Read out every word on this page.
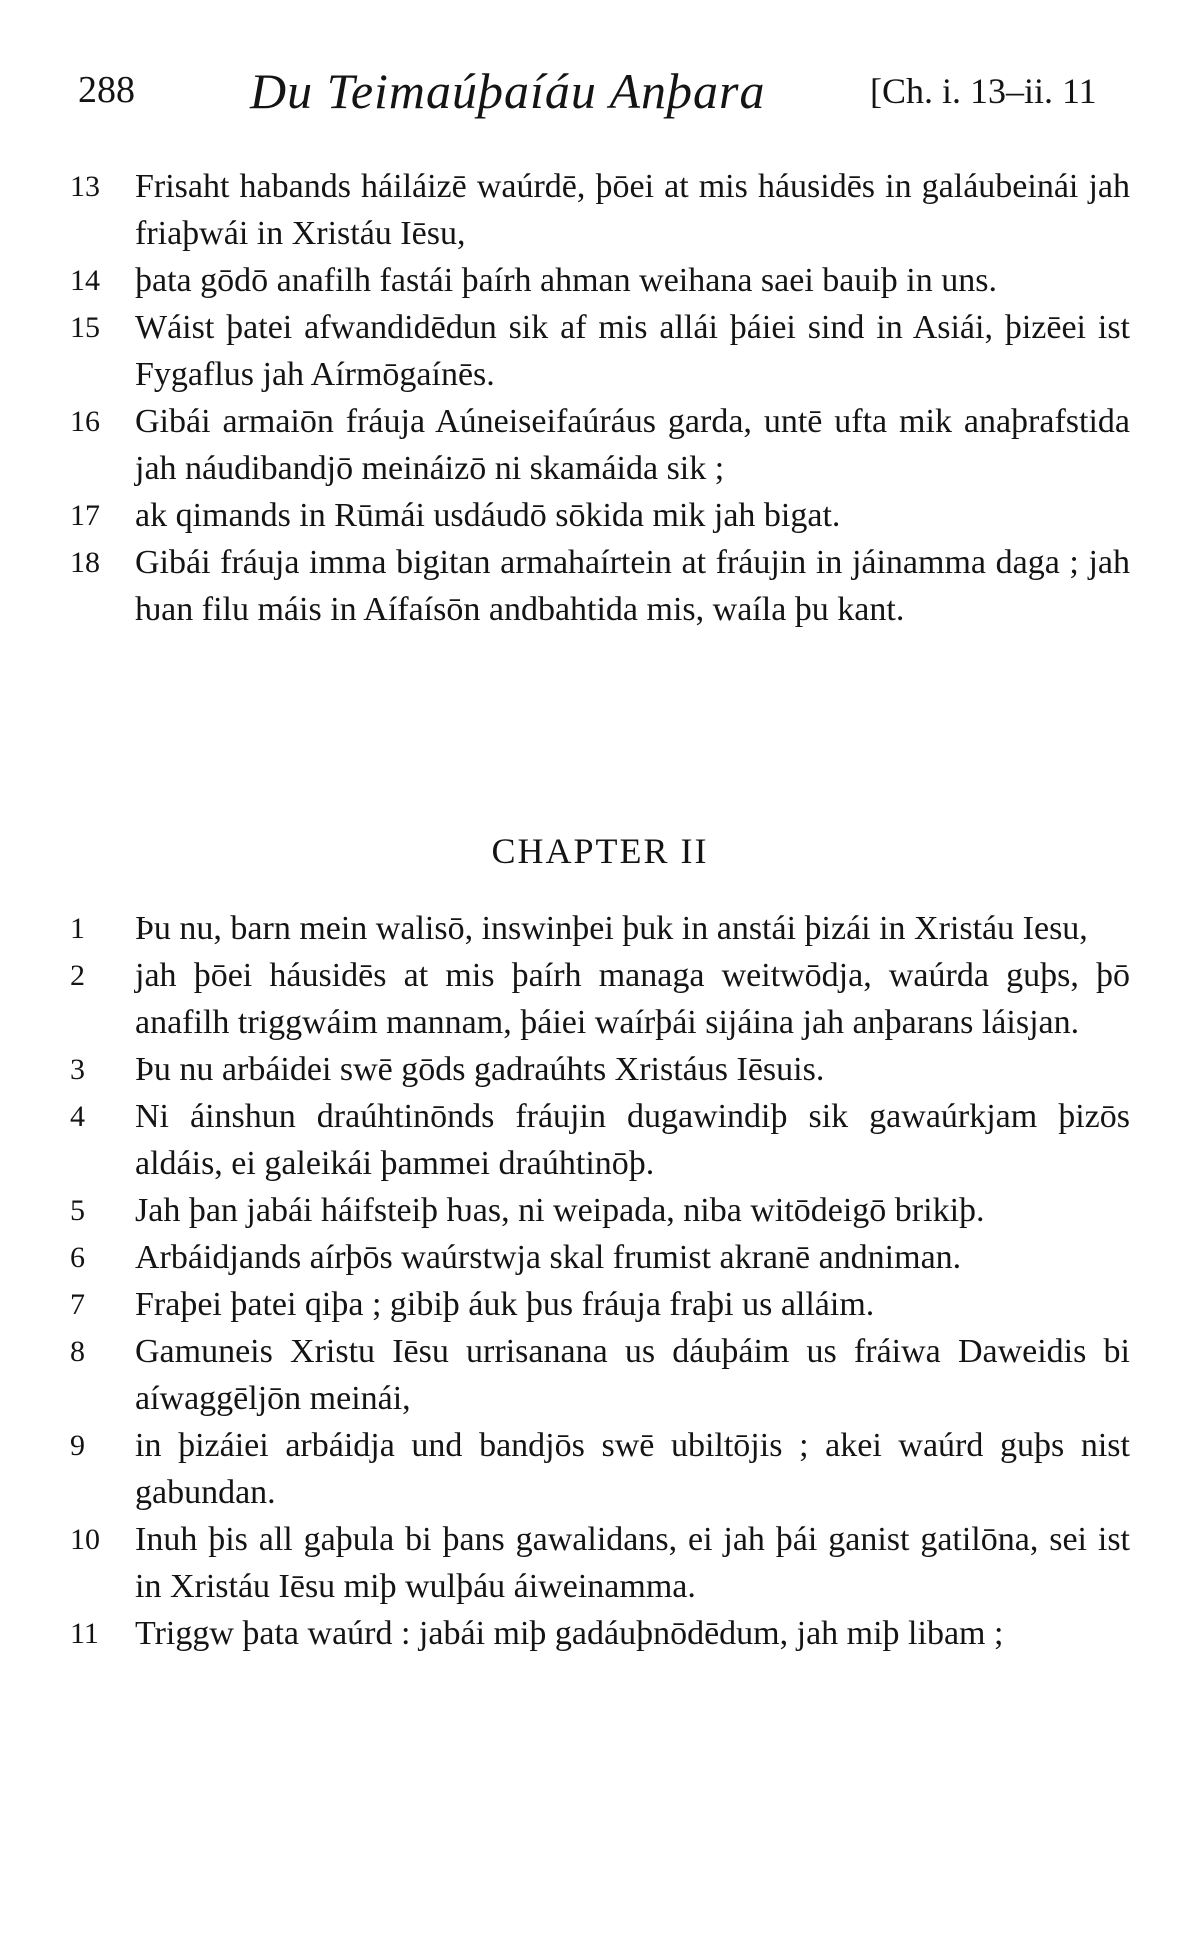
288 Du Teimaúþaíáu Anþara	[Ch. i. 13–ii. 11
13	Frisaht habands háiláizē waúrdē, þōei at mis háusidēs in galáubeinái jah friaþwái in Xristáu Iēsu,
14	þata gōdō anafilh fastái þaírh ahman weihana saei bauiþ in uns.
15	Wáist þatei afwandidēdun sik af mis allái þáiei sind in Asiái, þizēei ist Fygaflus jah Aírmōgaínēs.
16	Gibái armaiōn fráuja Aúneiseifaúráus garda, untē ufta mik anaþrafstida jah náudibandjō meináizō ni skamáida sik ;
17	ak qimands in Rūmái usdáudō sōkida mik jah bigat.
18	Gibái fráuja imma bigitan armahaírtein at fráujin in jáinamma daga ; jah ƕan filu máis in Aífaísōn andbahtida mis, waíla þu kant.
CHAPTER II
1	Þu nu, barn mein walisō, inswinþei þuk in anstái þizái in Xristáu Iesu,
2	jah þōei háusidēs at mis þaírh managa weitwōdja, waúrda guþs, þō anafilh triggwáim mannam, þáiei waírþái sijáina jah anþarans láisjan.
3	Þu nu arbáidei swē gōds gadraúhts Xristáus Iēsuis.
4	Ni áinshun draúhtinōnds fráujin dugawindiþ sik gawaúrkjam þizōs aldáis, ei galeikái þammei draúhtinōþ.
5	Jah þan jabái háifsteiþ ƕas, ni weipada, niba witōdeigō brikiþ.
6	Arbáidjands aírþōs waúrstwja skal frumist akranē andniman.
7	Fraþei þatei qiþa ; gibiþ áuk þus fráuja fraþi us alláim.
8	Gamuneis Xristu Iēsu urrisanana us dáuþáim us fráiwa Daweidis bi aíwaggēljōn meinái,
9	in þizáiei arbáidja und bandjōs swē ubiltōjis ; akei waúrd guþs nist gabundan.
10	Inuh þis all gaþula bi þans gawalidans, ei jah þái ganist gatilōna, sei ist in Xristáu Iēsu miþ wulþáu áiweinamma.
11	Triggw þata waúrd : jabái miþ gadáuþnōdēdum, jah miþ libam ;
